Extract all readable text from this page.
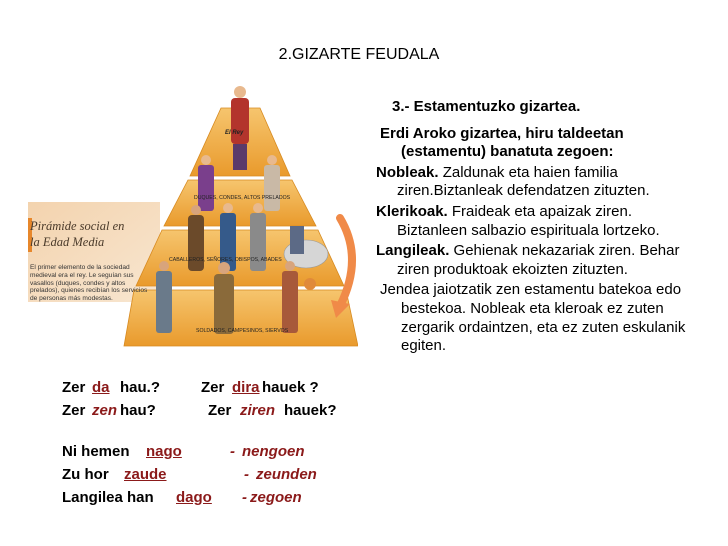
2.GIZARTE FEUDALA
Pirámide social en
la Edad Media
El primer elemento de la sociedad medieval era el rey. Le seguían sus vasallos (duques, condes y altos prelados), quienes recibían los servicios de personas más modestas.
El Rey
DUQUES, CONDES, ALTOS PRELADOS
CABALLEROS, SEÑORES, OBISPOS, ABADES
SOLDADOS, CAMPESINOS, SIERVOS
3.- Estamentuzko gizartea.
Erdi Aroko gizartea, hiru taldeetan (estamentu) banatuta zegoen:
Nobleak. Zaldunak eta haien familia ziren.Biztanleak defendatzen zituzten.
Klerikoak. Fraideak eta apaizak ziren. Biztanleen salbazio espirituala lortzeko.
Langileak. Gehienak nekazariak ziren. Behar ziren produktoak ekoizten zituzten.
Jendea jaiotzatik zen estamentu batekoa edo bestekoa. Nobleak eta kleroak ez zuten zergarik ordaintzen, eta ez zuten eskulanik egiten.
Zer da hau.?	Zer dira hauek ?
Zer zen hau?	Zer ziren hauek?
Ni hemen nago	- nengoen
Zu hor zaude	- zeunden
Langilea han dago - zegoen
